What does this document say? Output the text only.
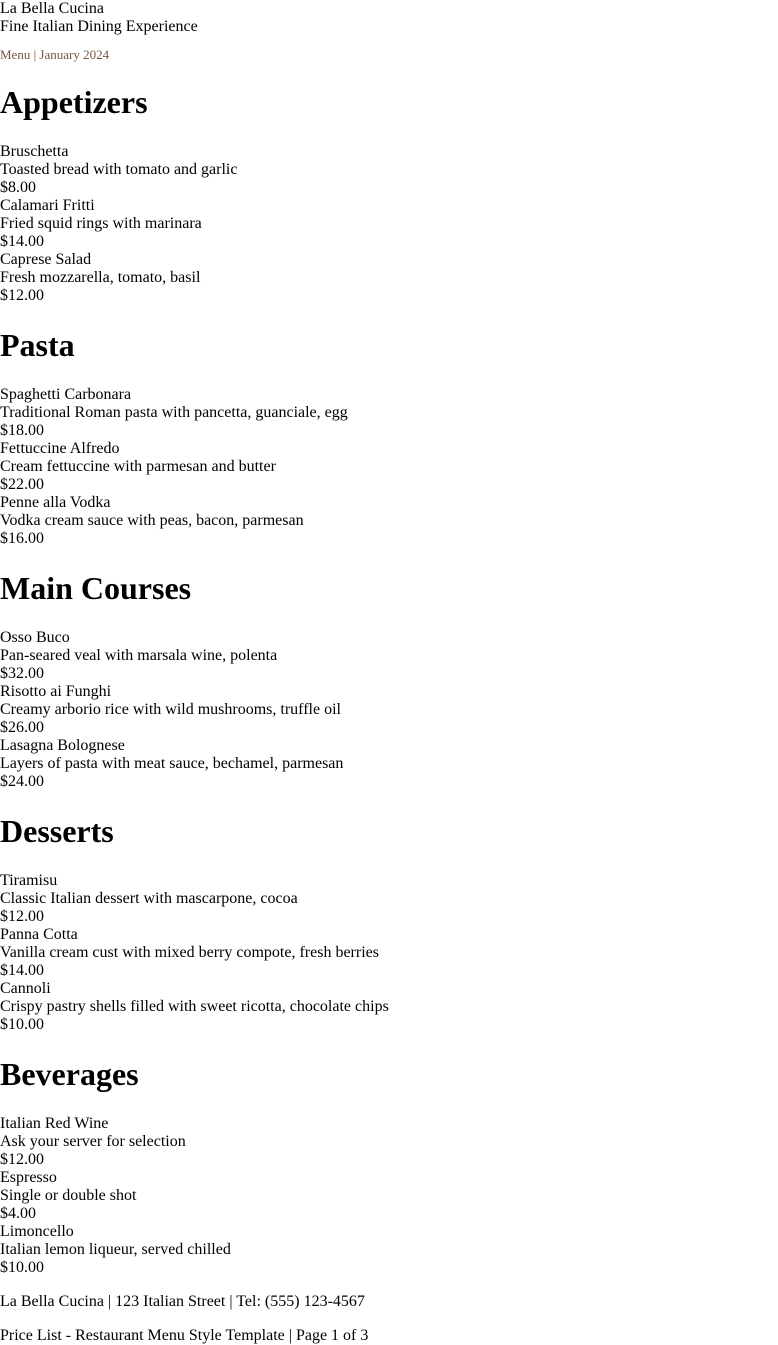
La Bella Cucina
Fine Italian Dining Experience

Menu | January 2024

Appetizers
Bruschetta
Toasted bread with tomato and garlic
$8.00
Calamari Fritti
Fried squid rings with marinara
$14.00
Caprese Salad
Fresh mozzarella, tomato, basil
$12.00
Pasta
Spaghetti Carbonara
Traditional Roman pasta with pancetta, guanciale, egg
$18.00
Fettuccine Alfredo
Cream fettuccine with parmesan and butter
$22.00
Penne alla Vodka
Vodka cream sauce with peas, bacon, parmesan
$16.00
Main Courses
Osso Buco
Pan-seared veal with marsala wine, polenta
$32.00
Risotto ai Funghi
Creamy arborio rice with wild mushrooms, truffle oil
$26.00
Lasagna Bolognese
Layers of pasta with meat sauce, bechamel, parmesan
$24.00
Desserts
Tiramisu
Classic Italian dessert with mascarpone, cocoa
$12.00
Panna Cotta
Vanilla cream cust with mixed berry compote, fresh berries
$14.00
Cannoli
Crispy pastry shells filled with sweet ricotta, chocolate chips
$10.00
Beverages
Italian Red Wine
Ask your server for selection
$12.00
Espresso
Single or double shot
$4.00
Limoncello
Italian lemon liqueur, served chilled
$10.00

La Bella Cucina | 123 Italian Street | Tel: (555) 123-4567

Price List - Restaurant Menu Style Template | Page 1 of 3
